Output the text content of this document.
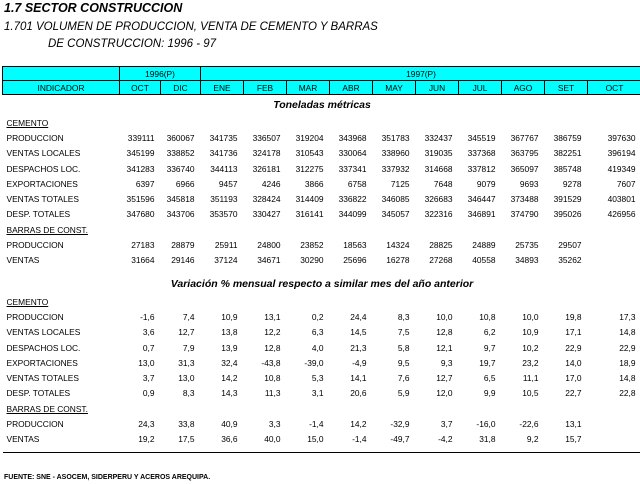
1.7 SECTOR CONSTRUCCION
1.701 VOLUMEN DE PRODUCCION, VENTA DE CEMENTO Y BARRAS
DE CONSTRUCCION: 1996 - 97
	1996(P)		1997(P)									
INDICADOR	OCT	DIC	ENE	FEB	MAR	ABR	MAY	JUN	JUL	AGO	SET	OCT
Toneladas métricas												
CEMENTO												
PRODUCCION	339111	360067	341735	336507	319204	343968	351783	332437	345519	367767	386759	397630
VENTAS LOCALES	345199	338852	341736	324178	310543	330064	338960	319035	337368	363795	382251	396194
DESPACHOS LOC.	341283	336740	344113	326181	312275	337341	337932	314668	337812	365097	385748	419349
EXPORTACIONES	6397	6966	9457	4246	3866	6758	7125	7648	9079	9693	9278	7607
VENTAS TOTALES	351596	345818	351193	328424	314409	336822	346085	326683	346447	373488	391529	403801
DESP. TOTALES	347680	343706	353570	330427	316141	344099	345057	322316	346891	374790	395026	426956
BARRAS DE CONST.												
PRODUCCION	27183	28879	25911	24800	23852	18563	14324	28825	24889	25735	29507	
VENTAS	31664	29146	37124	34671	30290	25696	16278	27268	40558	34893	35262	

Variación % mensual respecto a similar mes del año anterior												
CEMENTO												
PRODUCCION	-1,6	7,4	10,9	13,1	0,2	24,4	8,3	10,0	10,8	10,0	19,8	17,3
VENTAS LOCALES	3,6	12,7	13,8	12,2	6,3	14,5	7,5	12,8	6,2	10,9	17,1	14,8
DESPACHOS LOC.	0,7	7,9	13,9	12,8	4,0	21,3	5,8	12,1	9,7	10,2	22,9	22,9
EXPORTACIONES	13,0	31,3	32,4	-43,8	-39,0	-4,9	9,5	9,3	19,7	23,2	14,0	18,9
VENTAS TOTALES	3,7	13,0	14,2	10,8	5,3	14,1	7,6	12,7	6,5	11,1	17,0	14,8
DESP. TOTALES	0,9	8,3	14,3	11,3	3,1	20,6	5,9	12,0	9,9	10,5	22,7	22,8
BARRAS DE CONST.												
PRODUCCION	24,3	33,8	40,9	3,3	-1,4	14,2	-32,9	3,7	-16,0	-22,6	13,1	
VENTAS	19,2	17,5	36,6	40,0	15,0	-1,4	-49,7	-4,2	31,8	9,2	15,7	

FUENTE: SNE - ASOCEM, SIDERPERU Y ACEROS AREQUIPA.
